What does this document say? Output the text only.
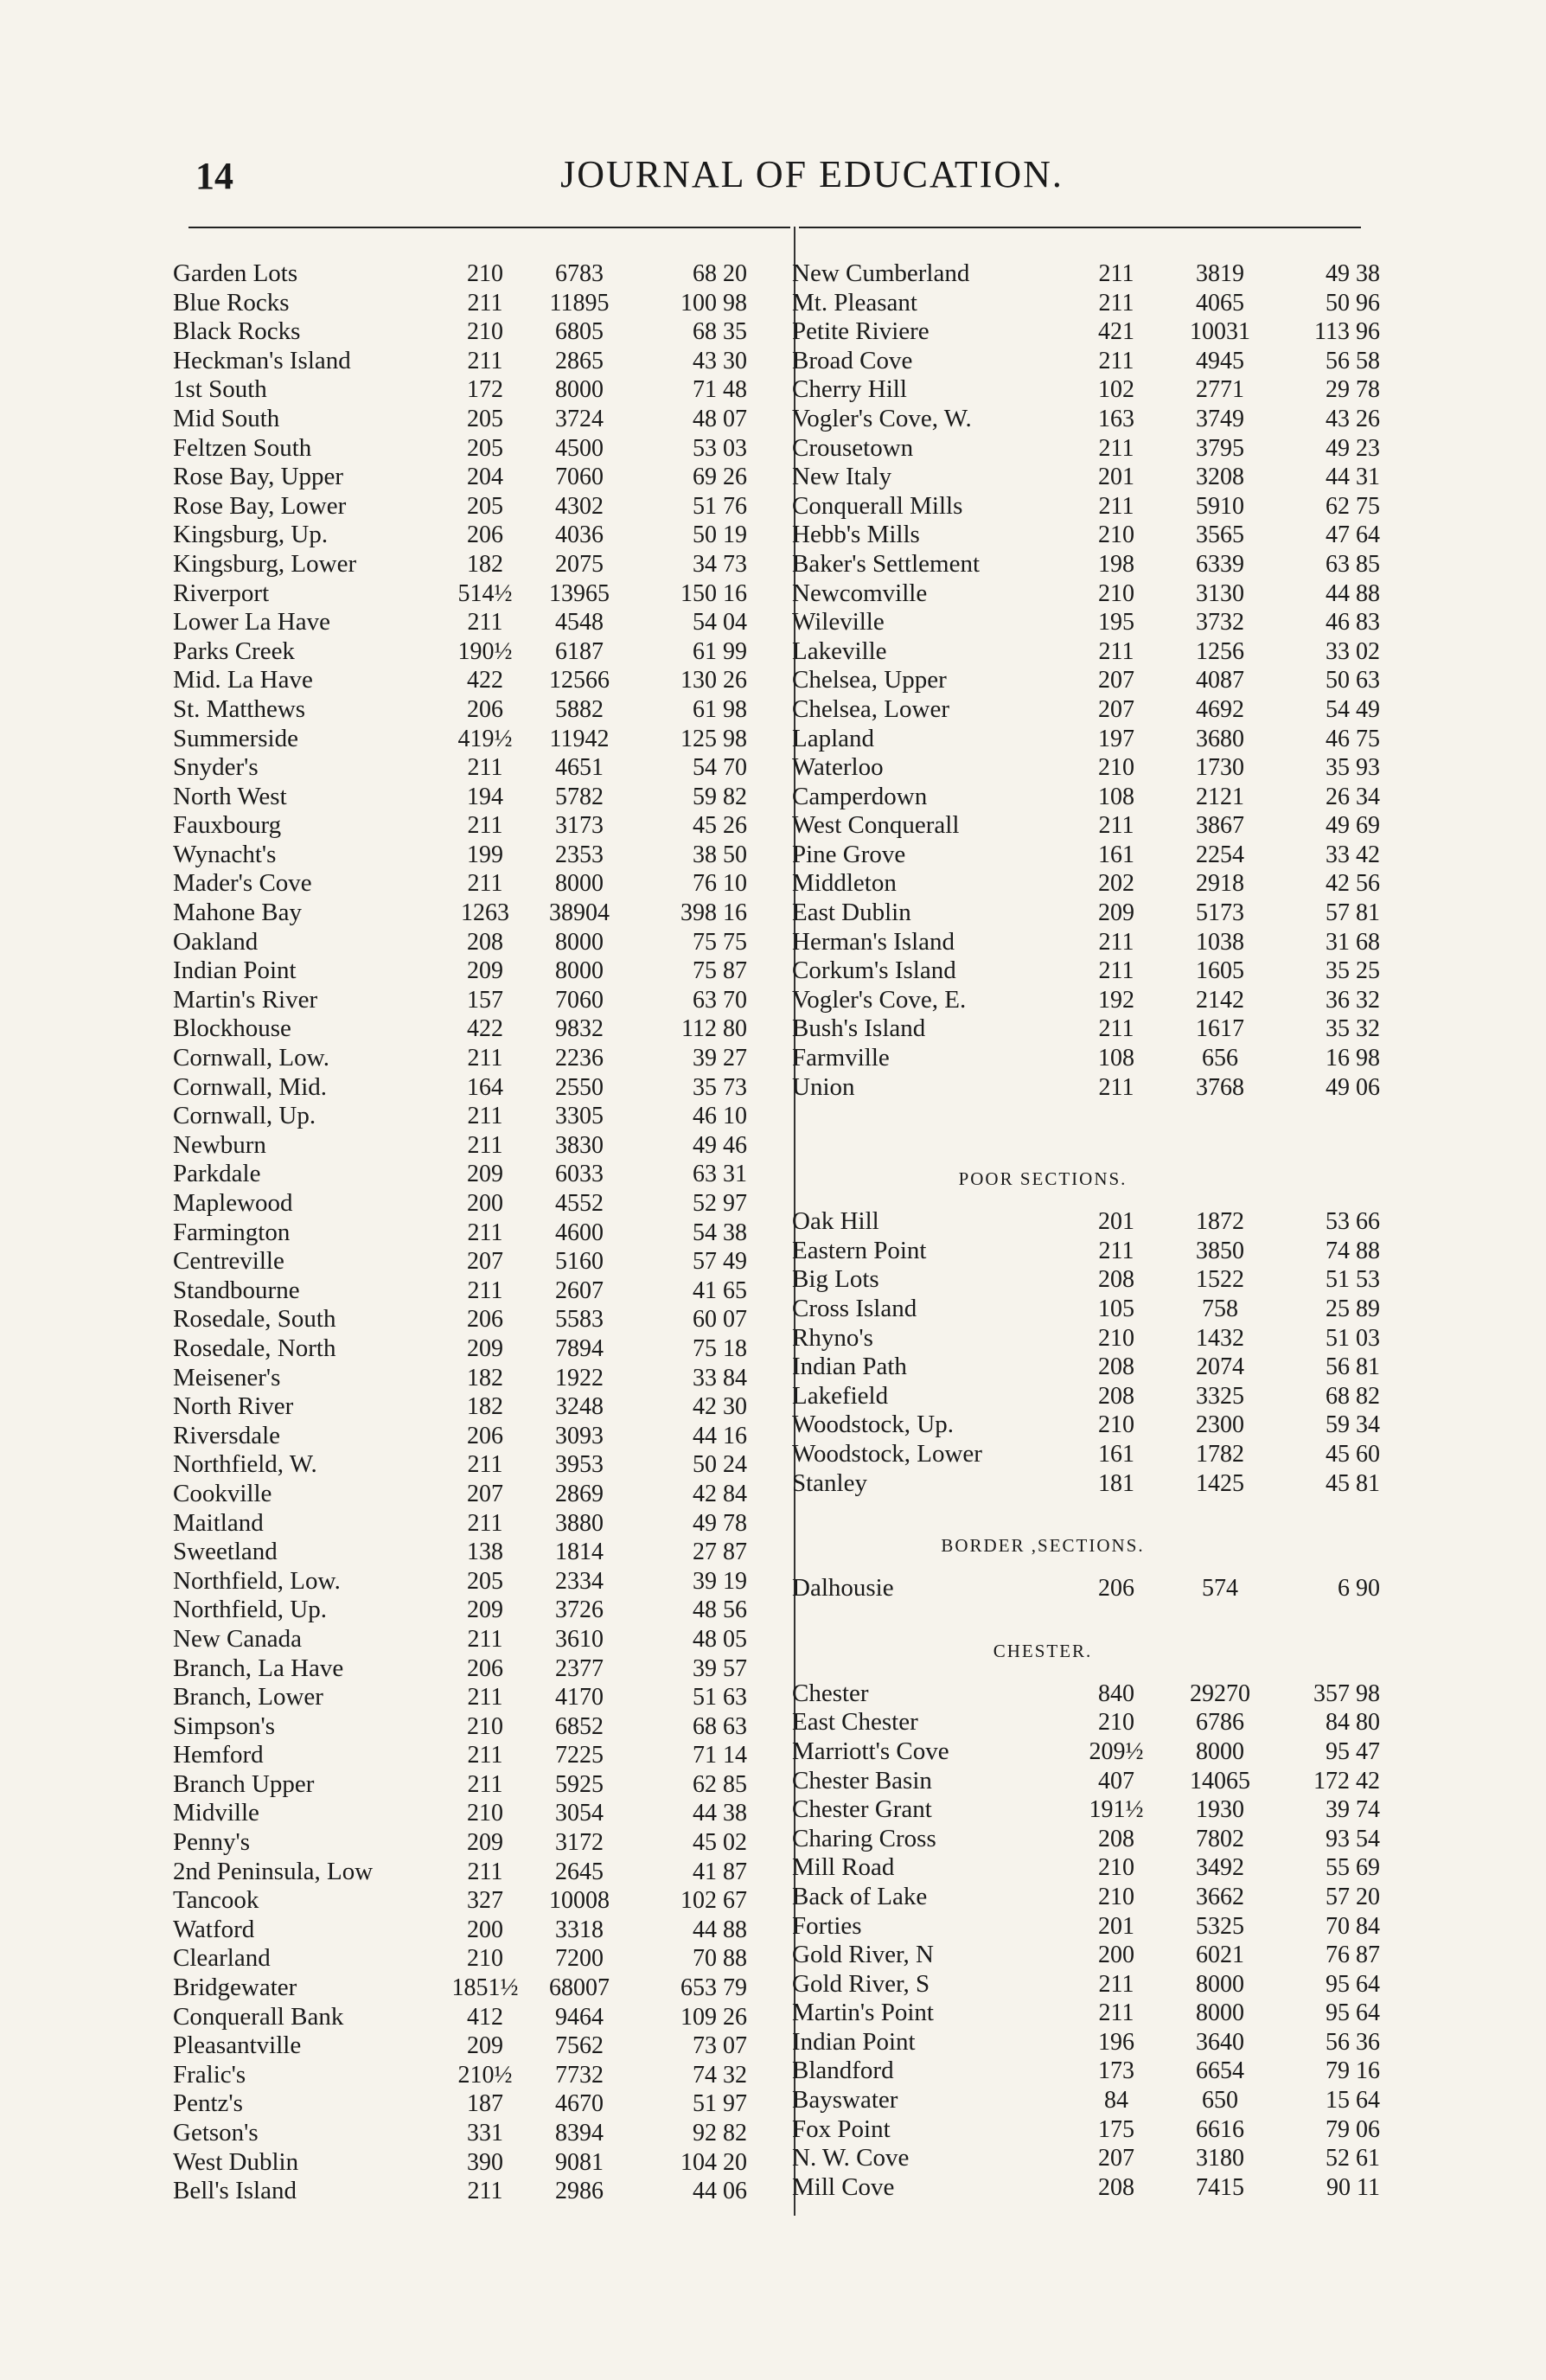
14	JOURNAL OF EDUCATION.
Garden Lots	210	6783	68 20
Blue Rocks	211	11895	100 98
Black Rocks	210	6805	68 35
Heckman's Island	211	2865	43 30
1st South	172	8000	71 48
Mid South	205	3724	48 07
Feltzen South	205	4500	53 03
Rose Bay, Upper	204	7060	69 26
Rose Bay, Lower	205	4302	51 76
Kingsburg, Up.	206	4036	50 19
Kingsburg, Lower	182	2075	34 73
Riverport	514½	13965	150 16
Lower La Have	211	4548	54 04
Parks Creek	190½	6187	61 99
Mid. La Have	422	12566	130 26
St. Matthews	206	5882	61 98
Summerside	419½	11942	125 98
Snyder's	211	4651	54 70
North West	194	5782	59 82
Fauxbourg	211	3173	45 26
Wynacht's	199	2353	38 50
Mader's Cove	211	8000	76 10
Mahone Bay	1263	38904	398 16
Oakland	208	8000	75 75
Indian Point	209	8000	75 87
Martin's River	157	7060	63 70
Blockhouse	422	9832	112 80
Cornwall, Low.	211	2236	39 27
Cornwall, Mid.	164	2550	35 73
Cornwall, Up.	211	3305	46 10
Newburn	211	3830	49 46
Parkdale	209	6033	63 31
Maplewood	200	4552	52 97
Farmington	211	4600	54 38
Centreville	207	5160	57 49
Standbourne	211	2607	41 65
Rosedale, South	206	5583	60 07
Rosedale, North	209	7894	75 18
Meisener's	182	1922	33 84
North River	182	3248	42 30
Riversdale	206	3093	44 16
Northfield, W.	211	3953	50 24
Cookville	207	2869	42 84
Maitland	211	3880	49 78
Sweetland	138	1814	27 87
Northfield, Low.	205	2334	39 19
Northfield, Up.	209	3726	48 56
New Canada	211	3610	48 05
Branch, La Have	206	2377	39 57
Branch, Lower	211	4170	51 63
Simpson's	210	6852	68 63
Hemford	211	7225	71 14
Branch Upper	211	5925	62 85
Midville	210	3054	44 38
Penny's	209	3172	45 02
2nd Peninsula, Low	211	2645	41 87
Tancook	327	10008	102 67
Watford	200	3318	44 88
Clearland	210	7200	70 88
Bridgewater	1851½	68007	653 79
Conquerall Bank	412	9464	109 26
Pleasantville	209	7562	73 07
Fralic's	210½	7732	74 32
Pentz's	187	4670	51 97
Getson's	331	8394	92 82
West Dublin	390	9081	104 20
Bell's Island	211	2986	44 06
New Cumberland	211	3819	49 38
Mt. Pleasant	211	4065	50 96
Petite Riviere	421	10031	113 96
Broad Cove	211	4945	56 58
Cherry Hill	102	2771	29 78
Vogler's Cove, W.	163	3749	43 26
Crousetown	211	3795	49 23
New Italy	201	3208	44 31
Conquerall Mills	211	5910	62 75
Hebb's Mills	210	3565	47 64
Baker's Settlement	198	6339	63 85
Newcomville	210	3130	44 88
Wileville	195	3732	46 83
Lakeville	211	1256	33 02
Chelsea, Upper	207	4087	50 63
Chelsea, Lower	207	4692	54 49
Lapland	197	3680	46 75
Waterloo	210	1730	35 93
Camperdown	108	2121	26 34
West Conquerall	211	3867	49 69
Pine Grove	161	2254	33 42
Middleton	202	2918	42 56
East Dublin	209	5173	57 81
Herman's Island	211	1038	31 68
Corkum's Island	211	1605	35 25
Vogler's Cove, E.	192	2142	36 32
Bush's Island	211	1617	35 32
Farmville	108	656	16 98
Union	211	3768	49 06
POOR SECTIONS.
Oak Hill	201	1872	53 66
Eastern Point	211	3850	74 88
Big Lots	208	1522	51 53
Cross Island	105	758	25 89
Rhyno's	210	1432	51 03
Indian Path	208	2074	56 81
Lakefield	208	3325	68 82
Woodstock, Up.	210	2300	59 34
Woodstock, Lower	161	1782	45 60
Stanley	181	1425	45 81
BORDER ,SECTIONS.
Dalhousie	206	574	6 90
CHESTER.
Chester	840	29270	357 98
East Chester	210	6786	84 80
Marriott's Cove	209½	8000	95 47
Chester Basin	407	14065	172 42
Chester Grant	191½	1930	39 74
Charing Cross	208	7802	93 54
Mill Road	210	3492	55 69
Back of Lake	210	3662	57 20
Forties	201	5325	70 84
Gold River, N	200	6021	76 87
Gold River, S	211	8000	95 64
Martin's Point	211	8000	95 64
Indian Point	196	3640	56 36
Blandford	173	6654	79 16
Bayswater	84	650	15 64
Fox Point	175	6616	79 06
N. W. Cove	207	3180	52 61
Mill Cove	208	7415	90 11
